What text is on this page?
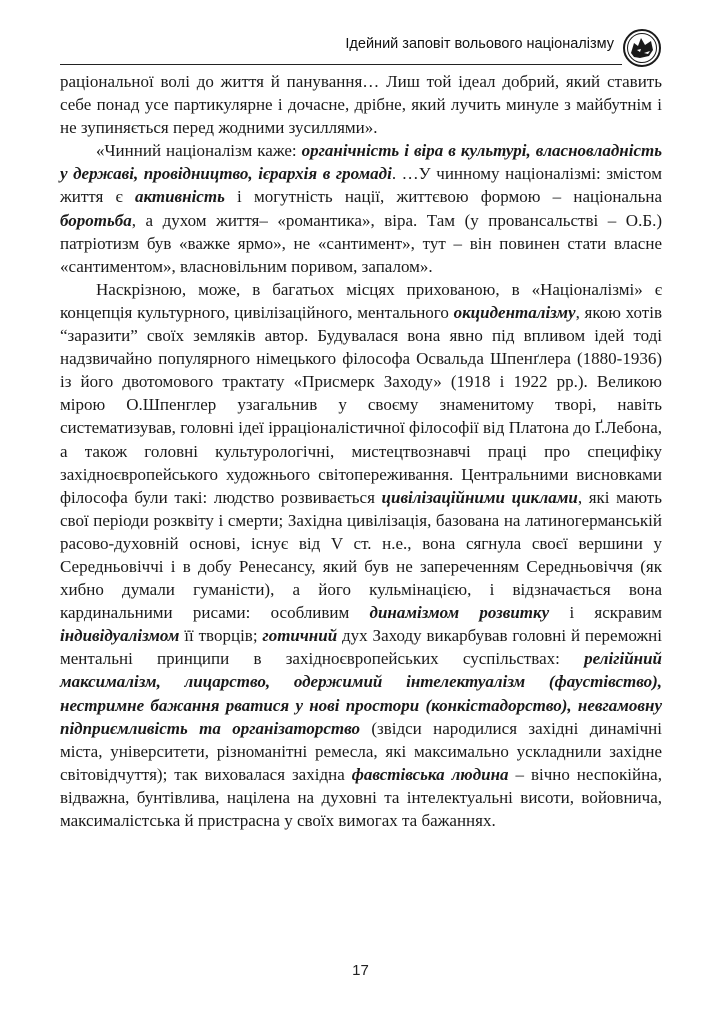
Ідейний заповіт вольового націоналізму

раціональної волі до життя й панування… Лиш той ідеал добрий, який ставить себе понад усе партикулярне і дочасне, дрібне, який лучить минуле з майбутнім і не зупиняється перед жодними зусиллями».

«Чинний націоналізм каже: органічність і віра в культурі, власновладність у державі, провідництво, ієрархія в громаді. …У чинному націоналізмі: змістом життя є активність і могутність нації, життєвою формою – національна боротьба, а духом життя– «романтика», віра. Там (у провансальстві – О.Б.) патріотизм був «важке ярмо», не «сантимент», тут – він повинен стати власне «сантиментом», власновільним поривом, запалом».

Наскрізною, може, в багатьох місцях прихованою, в «Націоналізмі» є концепція культурного, цивілізаційного, ментального окциденталізму, якою хотів “заразити” своїх земляків автор. Будувалася вона явно під впливом ідей тоді надзвичайно популярного німецького філософа Освальда Шпенґлера (1880-1936) із його двотомового трактату «Присмерк Заходу» (1918 і 1922 рр.). Великою мірою О.Шпенглер узагальнив у своєму знаменитому творі, навіть систематизував, головні ідеї ірраціоналістичної філософії від Платона до Ґ.Лебона, а також головні культурологічні, мистецтвознавчі праці про специфіку західноєвропейського художнього світопереживання. Центральними висновками філософа були такі: людство розвивається цивілізаційними циклами, які мають свої періоди розквіту і смерти; Західна цивілізація, базована на латиногерманській расово-духовній основі, існує від V ст. н.е., вона сягнула своєї вершини у Середньовіччі і в добу Ренесансу, який був не запереченням Середньовіччя (як хибно думали гуманісти), а його кульмінацією, і відзначається вона кардинальними рисами: особливим динамізмом розвитку і яскравим індивідуалізмом її творців; готичний дух Заходу викарбував головні й переможні ментальні принципи в західноєвропейських суспільствах: релігійний максималізм, лицарство, одержимий інтелектуалізм (фаустівство), нестримне бажання рватися у нові простори (конкістадорство), невгамовну підприємливість та організаторство (звідси народилися західні динамічні міста, університети, різноманітні ремесла, які максимально ускладнили західне світовідчуття); так виховалася західна фавстівська людина – вічно неспокійна, відважна, бунтівлива, націлена на духовні та інтелектуальні висоти, войовнича, максималістська й пристрасна у своїх вимогах та бажаннях.

17
